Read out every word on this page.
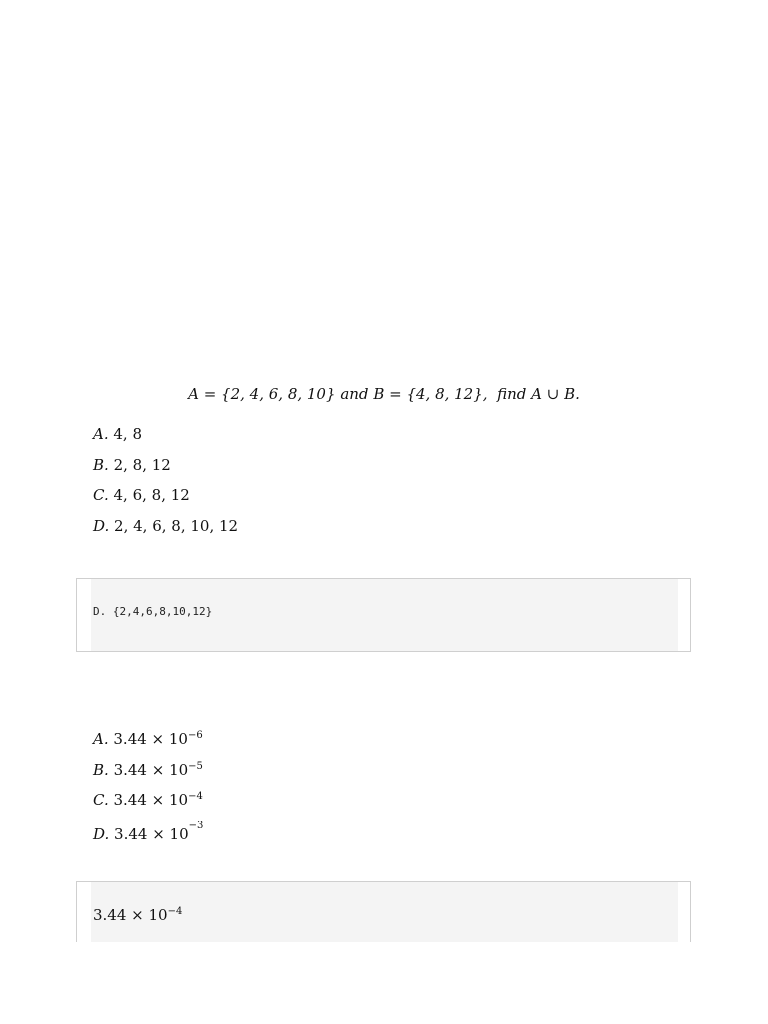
A = {2, 4, 6, 8, 10} and B = {4, 8, 12}, find A ∪ B.
A. 4, 8
B. 2, 8, 12
C. 4, 6, 8, 12
D. 2, 4, 6, 8, 10, 12
D. {2,4,6,8,10,12}
A. $3.44 \times 10^{-6}$
B. $3.44 \times 10^{-5}$
C. $3.44 \times 10^{-4}$
D. 3.44 × 10−3
$3.44 \times 10^{-4}$
